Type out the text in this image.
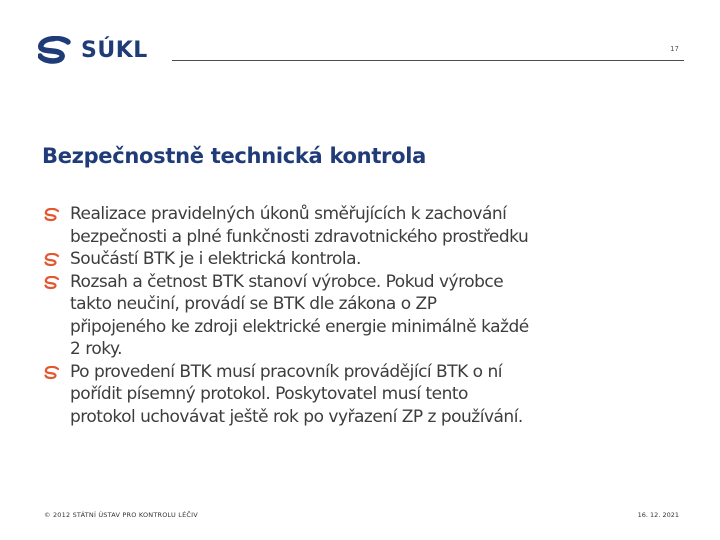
SÚKL	17
Bezpečnostně technická kontrola
Realizace pravidelných úkonů směřujících k zachování
bezpečnosti a plné funkčnosti zdravotnického prostředku
Součástí BTK je i elektrická kontrola.
Rozsah a četnost BTK stanoví výrobce. Pokud výrobce
takto neučiní, provádí se BTK dle zákona o ZP
připojeného ke zdroji elektrické energie minimálně každé
2 roky.
Po provedení BTK musí pracovník provádějící BTK o ní
pořídit písemný protokol. Poskytovatel musí tento
protokol uchovávat ještě rok po vyřazení ZP z používání.
© 2012 STÁTNÍ ÚSTAV PRO KONTROLU LÉČIV	16. 12. 2021
